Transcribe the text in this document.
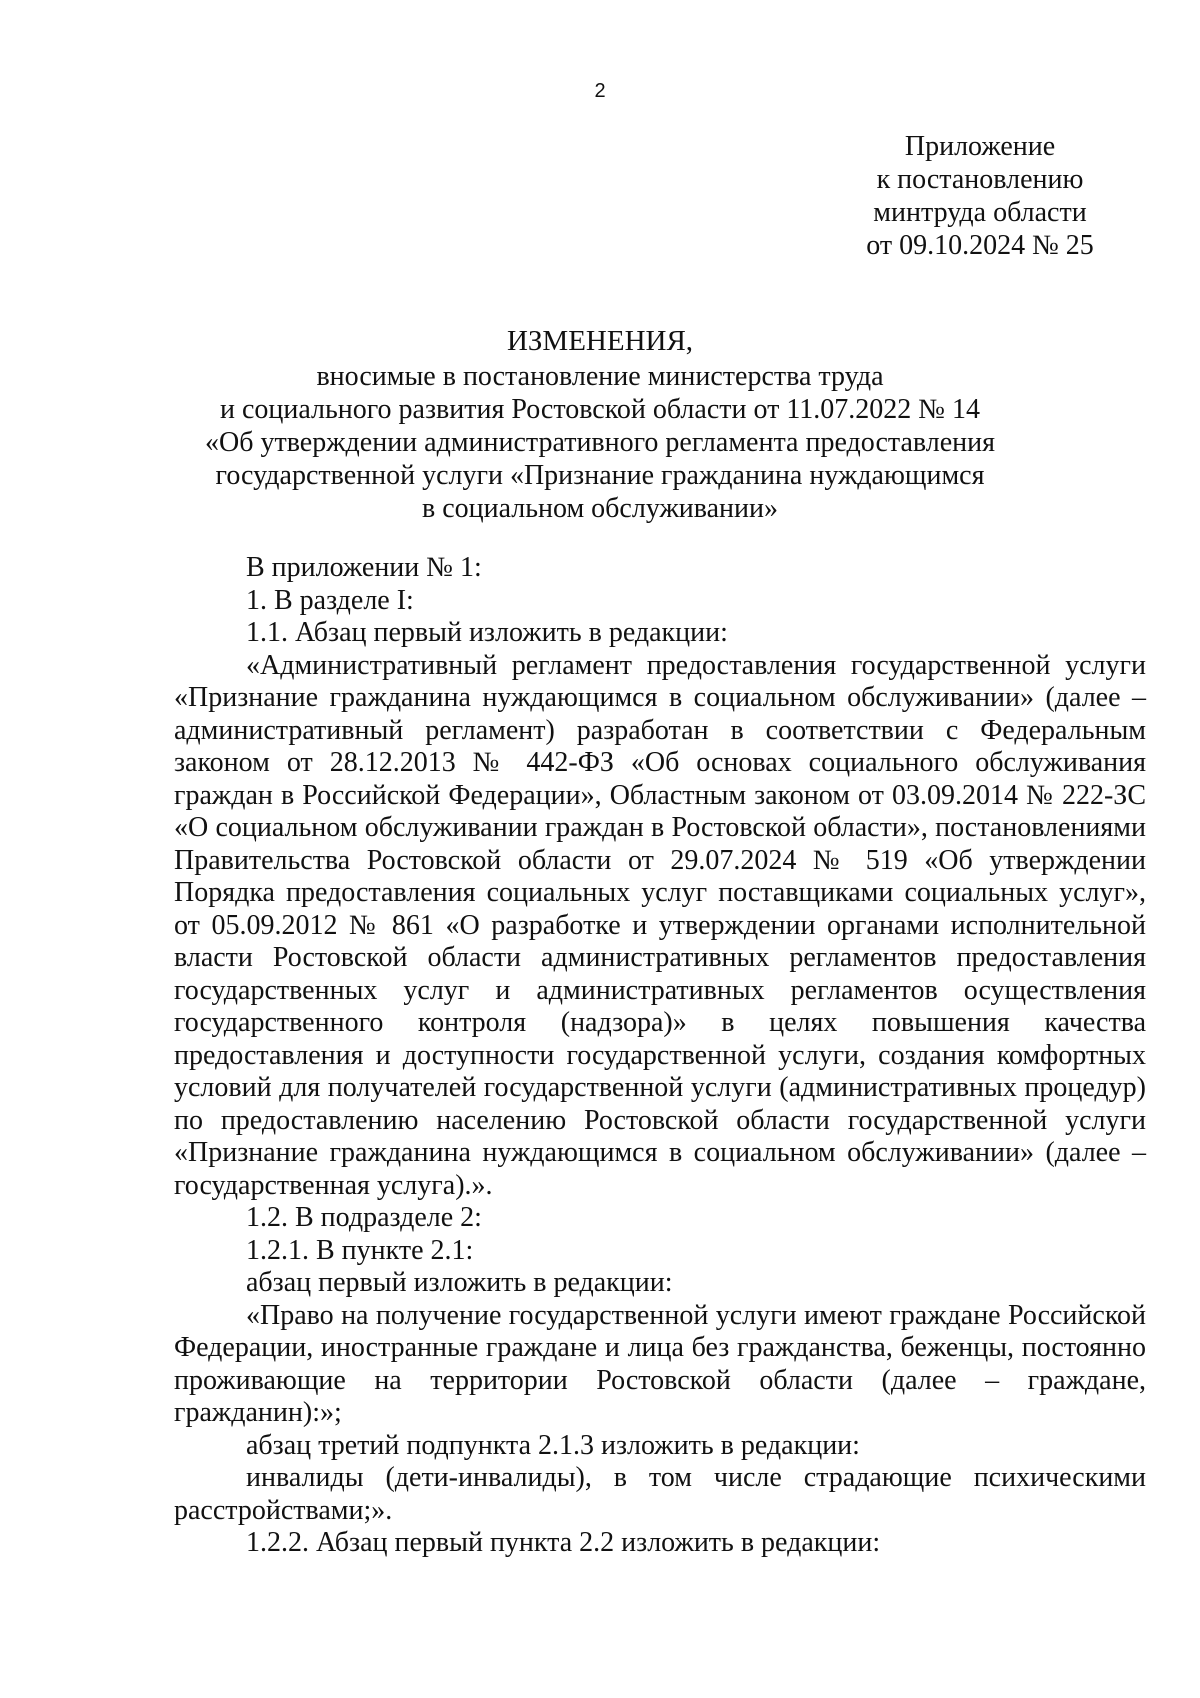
2
Приложение
к постановлению
минтруда области
от 09.10.2024 № 25
ИЗМЕНЕНИЯ,
вносимые в постановление министерства труда
и социального развития Ростовской области от 11.07.2022 № 14
«Об утверждении административного регламента предоставления
государственной услуги «Признание гражданина нуждающимся
в социальном обслуживании»

В приложении № 1:

1. В разделе I:

1.1. Абзац первый изложить в редакции:

«Административный регламент предоставления государственной услуги «Признание гражданина нуждающимся в социальном обслуживании» (далее – административный регламент) разработан в соответствии с Федеральным законом от 28.12.2013 № 442-ФЗ «Об основах социального обслуживания граждан в Российской Федерации», Областным законом от 03.09.2014 № 222-ЗС «О социальном обслуживании граждан в Ростовской области», постановлениями Правительства Ростовской области от 29.07.2024 № 519 «Об утверждении Порядка предоставления социальных услуг поставщиками социальных услуг», от 05.09.2012 № 861 «О разработке и утверждении органами исполнительной власти Ростовской области административных регламентов предоставления государственных услуг и административных регламентов осуществления государственного контроля (надзора)» в целях повышения качества предоставления и доступности государственной услуги, создания комфортных условий для получателей государственной услуги (административных процедур) по предоставлению населению Ростовской области государственной услуги «Признание гражданина нуждающимся в социальном обслуживании» (далее – государственная услуга).».

1.2. В подразделе 2:

1.2.1. В пункте 2.1:

абзац первый изложить в редакции:

«Право на получение государственной услуги имеют граждане Российской Федерации, иностранные граждане и лица без гражданства, беженцы, постоянно проживающие на территории Ростовской области (далее – граждане, гражданин):»;

абзац третий подпункта 2.1.3 изложить в редакции:

инвалиды (дети-инвалиды), в том числе страдающие психическими расстройствами;».

1.2.2. Абзац первый пункта 2.2 изложить в редакции:
